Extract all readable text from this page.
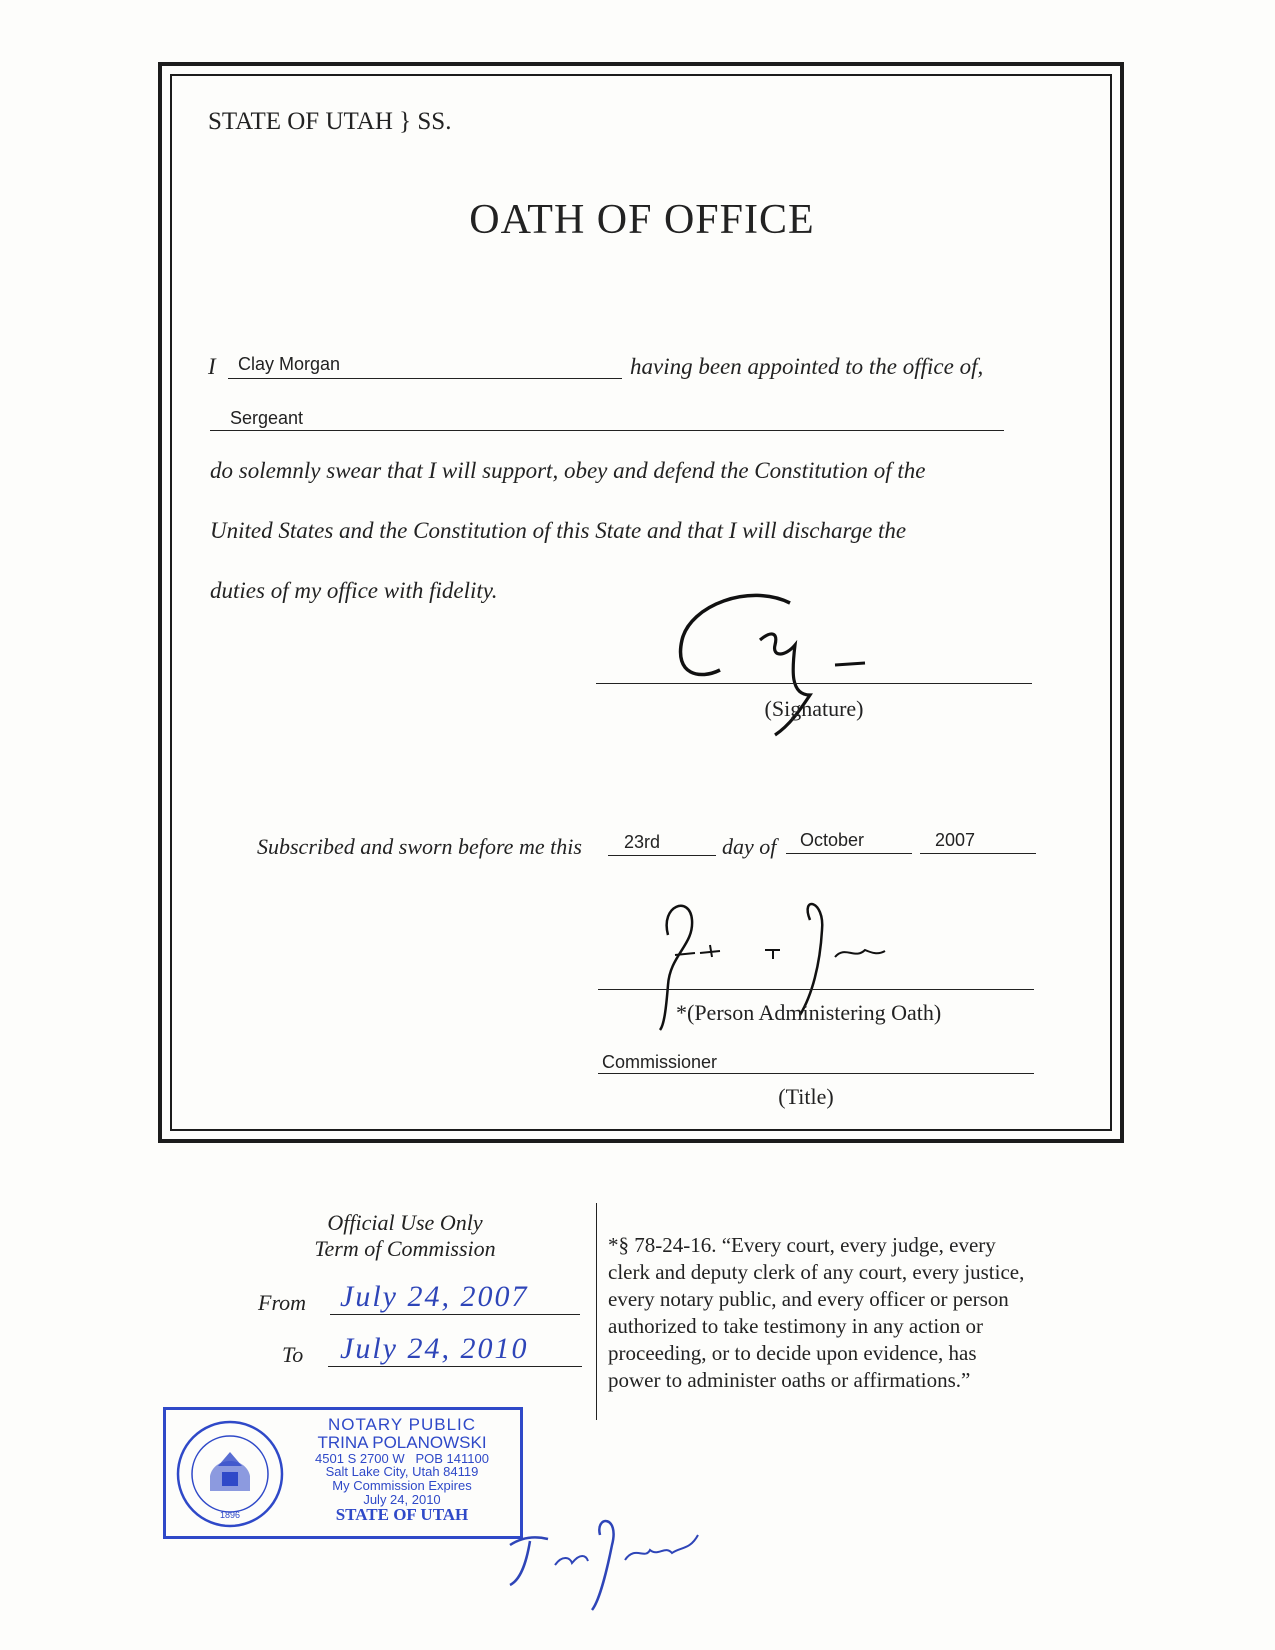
STATE OF UTAH } SS.
OATH OF OFFICE
I Clay Morgan	having been appointed to the office of,
Sergeant
do solemnly swear that I will support, obey and defend the Constitution of the
United States and the Constitution of this State and that I will discharge the
duties of my office with fidelity.
(Signature)
Subscribed and sworn before me this 23rd	day of October	2007
*(Person Administering Oath)
Commissioner
(Title)
Official Use Only
Term of Commission
From July 24, 2007
To July 24, 2010
*§ 78-24-16. “Every court, every judge, every
clerk and deputy clerk of any court, every justice,
every notary public, and every officer or person
authorized to take testimony in any action or
proceeding, or to decide upon evidence, has
power to administer oaths or affirmations.”
1896
NOTARY PUBLIC
TRINA POLANOWSKI
4501 S 2700 W   POB 141100
Salt Lake City, Utah 84119
My Commission Expires
July 24, 2010
STATE OF UTAH
